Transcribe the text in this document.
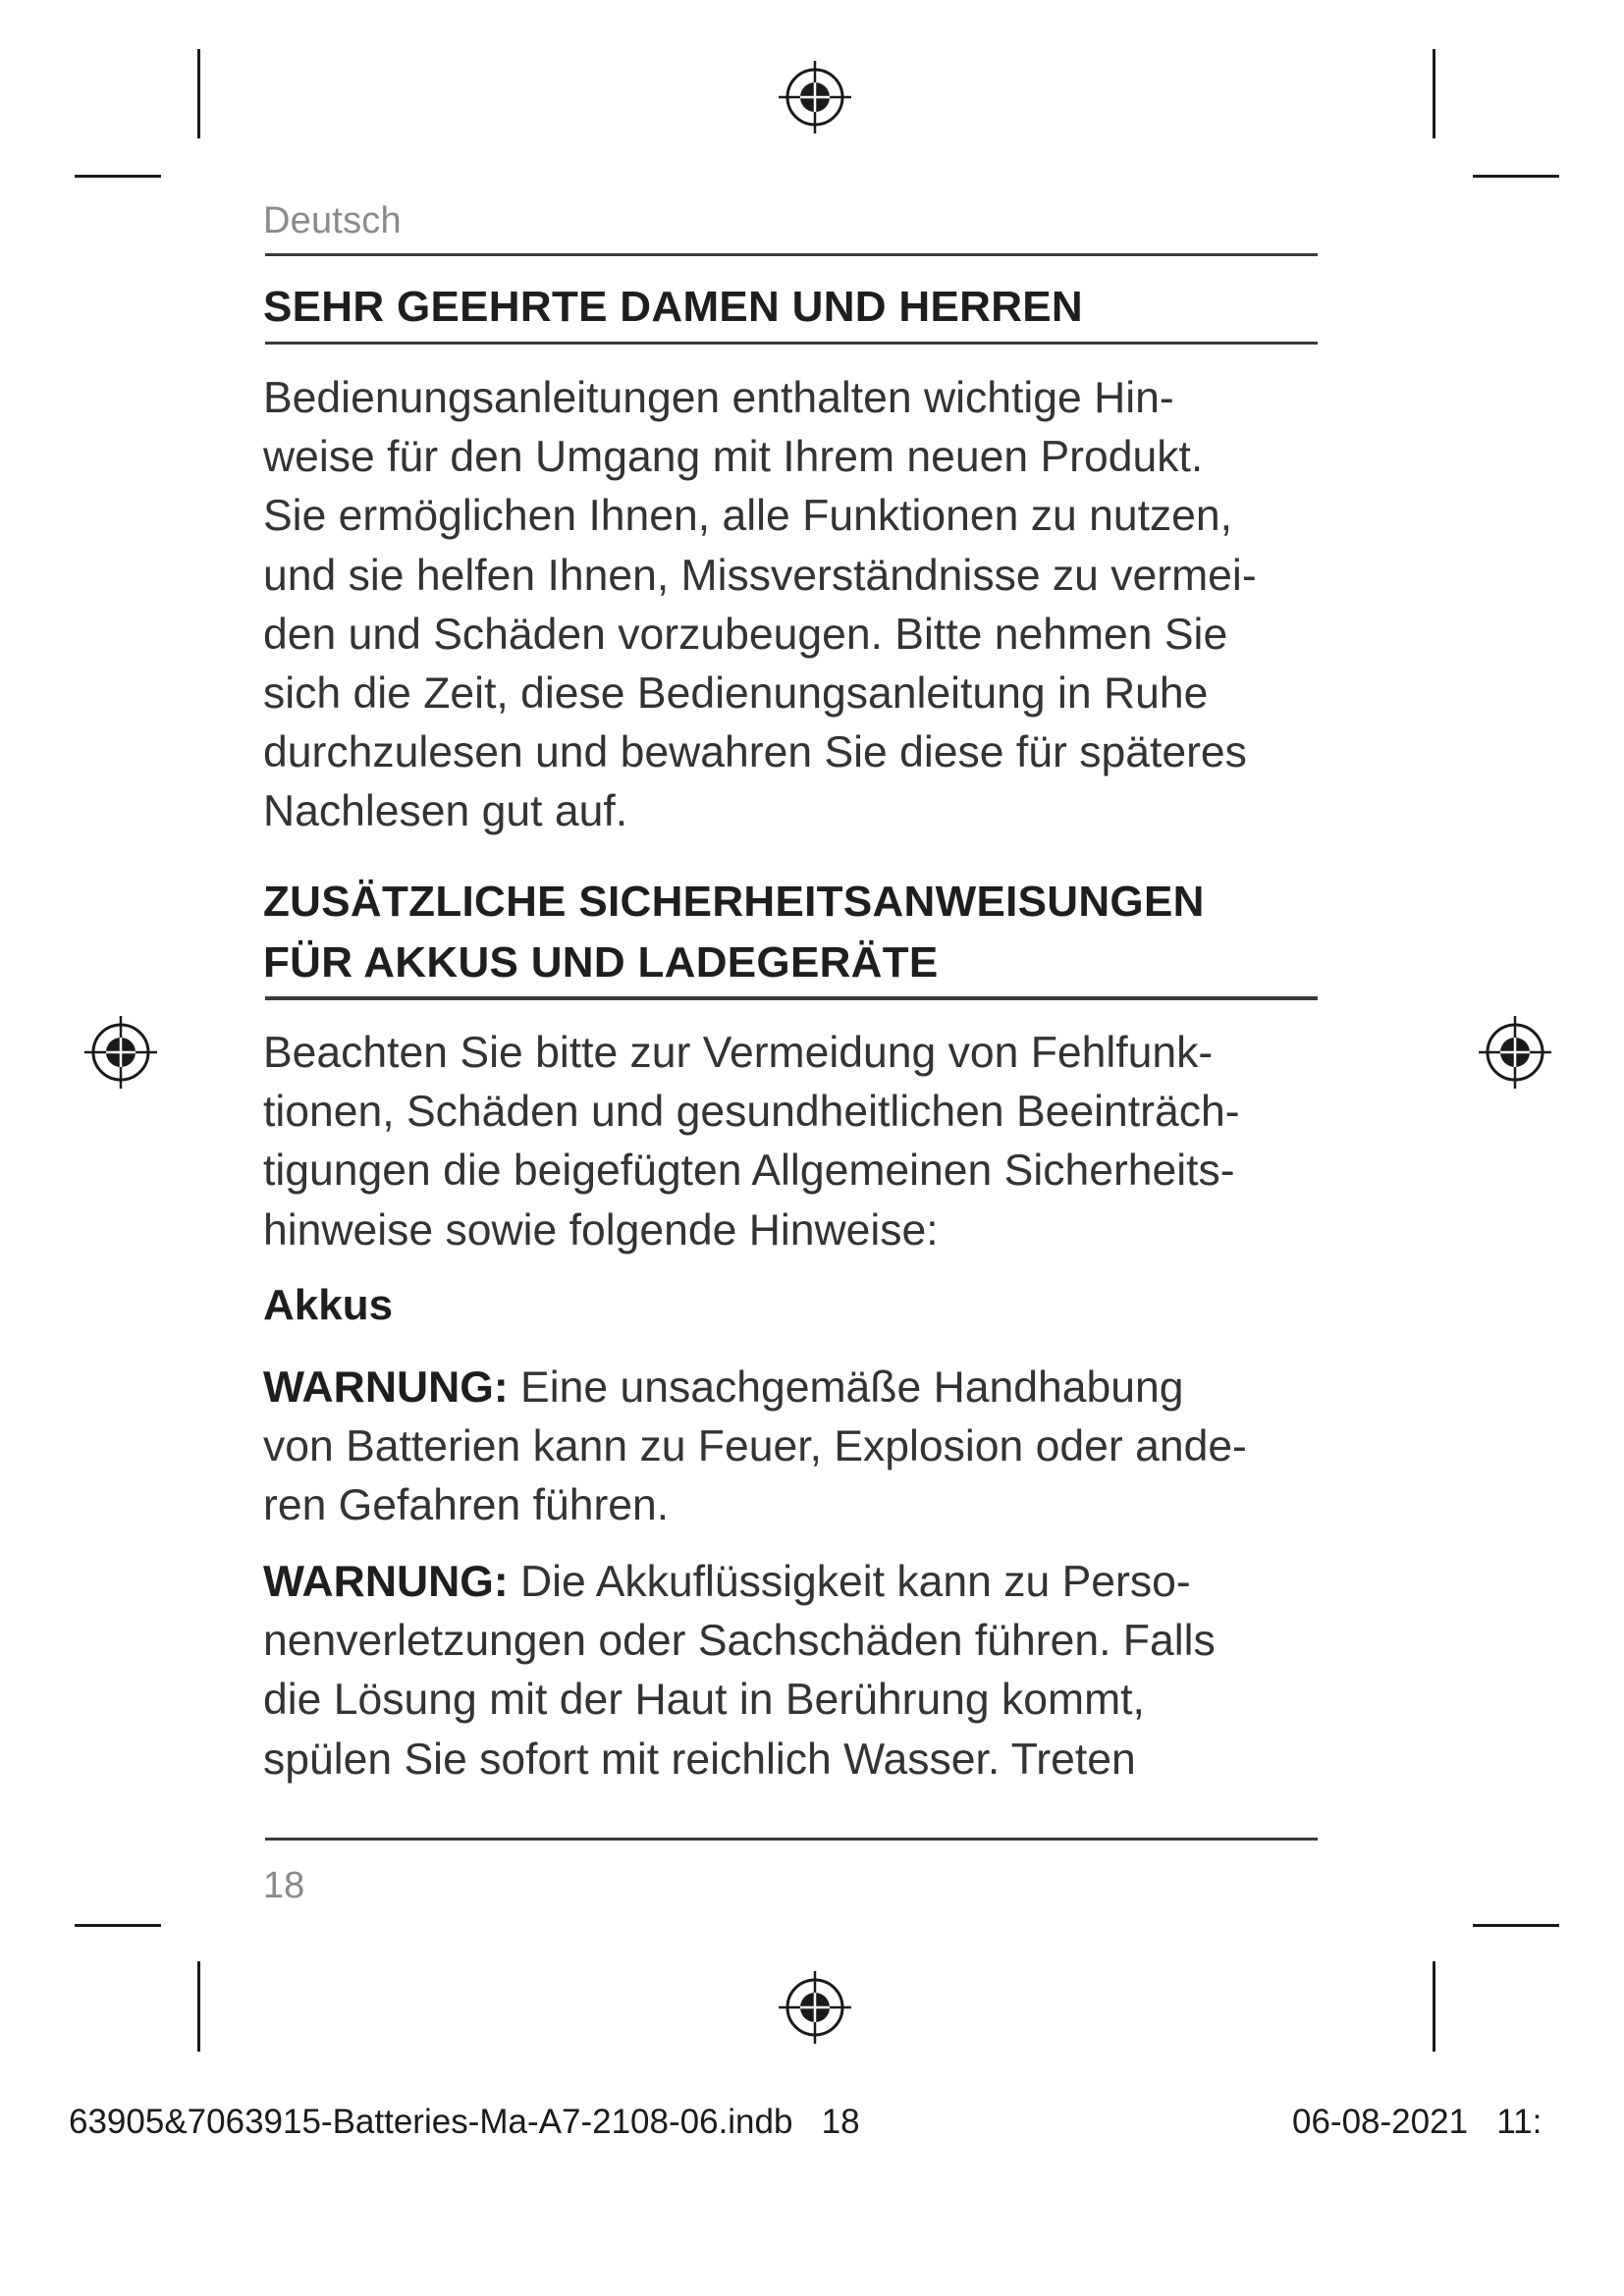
Deutsch
SEHR GEEHRTE DAMEN UND HERREN
Bedienungsanleitungen enthalten wichtige Hin-
weise für den Umgang mit Ihrem neuen Produkt.
Sie ermöglichen Ihnen, alle Funktionen zu nutzen,
und sie helfen Ihnen, Missverständnisse zu vermei-
den und Schäden vorzubeugen. Bitte nehmen Sie
sich die Zeit, diese Bedienungsanleitung in Ruhe
durchzulesen und bewahren Sie diese für späteres
Nachlesen gut auf.
ZUSÄTZLICHE SICHERHEITSANWEISUNGEN
FÜR AKKUS UND LADEGERÄTE
Beachten Sie bitte zur Vermeidung von Fehlfunk-
tionen, Schäden und gesundheitlichen Beeinträch-
tigungen die beigefügten Allgemeinen Sicherheits-
hinweise sowie folgende Hinweise:
Akkus
WARNUNG: Eine unsachgemäße Handhabung
von Batterien kann zu Feuer, Explosion oder ande-
ren Gefahren führen.
WARNUNG: Die Akkuflüssigkeit kann zu Perso-
nenverletzungen oder Sachschäden führen. Falls
die Lösung mit der Haut in Berührung kommt,
spülen Sie sofort mit reichlich Wasser. Treten
18
63905&7063915-Batteries-Ma-A7-2108-06.indb 18	06-08-2021 11:
